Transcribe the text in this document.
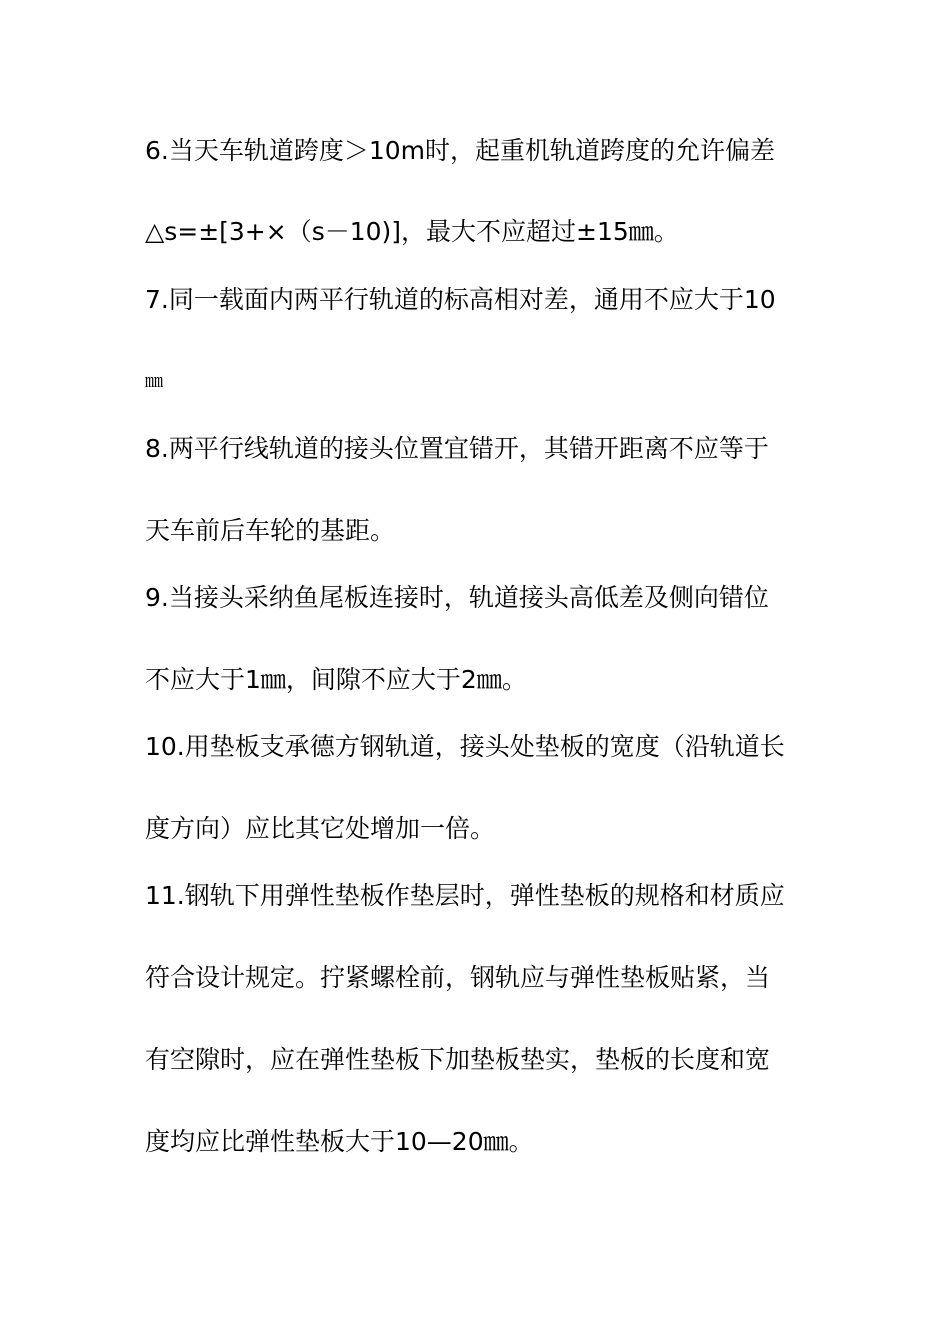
6.当天车轨道跨度＞10m时，起重机轨道跨度的允许偏差
△s=±[3+×（s－10)]，最大不应超过±15㎜。
7.同一载面内两平行轨道的标高相对差，通用不应大于10
㎜
8.两平行线轨道的接头位置宜错开，其错开距离不应等于
天车前后车轮的基距。
9.当接头采纳鱼尾板连接时，轨道接头高低差及侧向错位
不应大于1㎜，间隙不应大于2㎜。
10.用垫板支承德方钢轨道，接头处垫板的宽度（沿轨道长
度方向）应比其它处增加一倍。
11.钢轨下用弹性垫板作垫层时，弹性垫板的规格和材质应
符合设计规定。拧紧螺栓前，钢轨应与弹性垫板贴紧，当
有空隙时，应在弹性垫板下加垫板垫实，垫板的长度和宽
度均应比弹性垫板大于10—20㎜。
